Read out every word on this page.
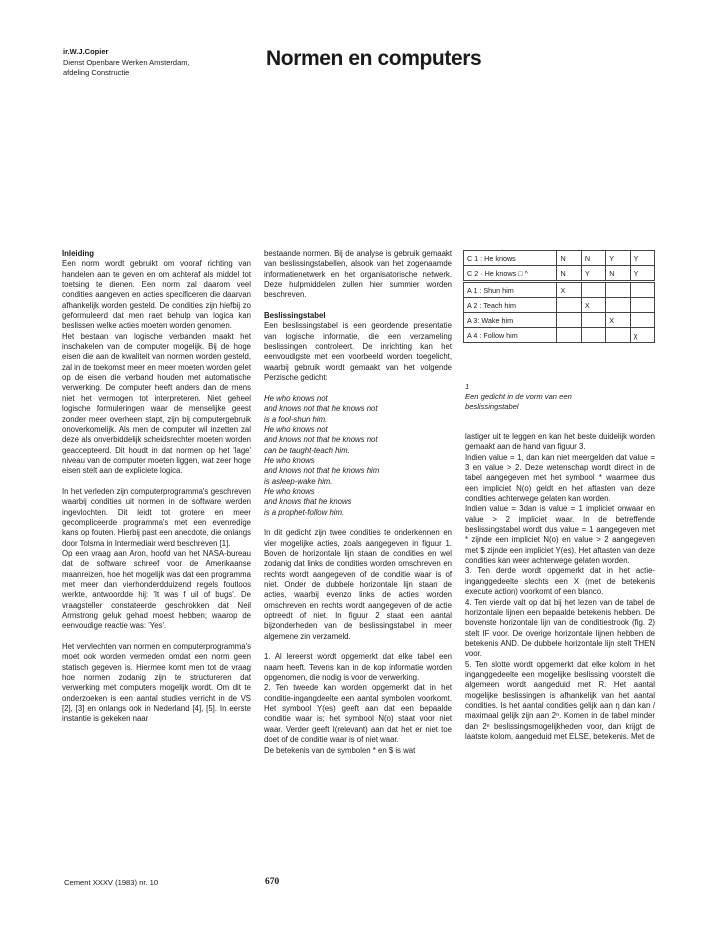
ir.W.J.Copier
Dienst Openbare Werken Amsterdam,
afdeling Constructie
Normen en computers
Inleiding

Een norm wordt gebruikt om vooraf richting van handelen aan te geven en om achteraf als middel tot toetsing te dienen. Een norm zal daarom veel condities aangeven en acties specificeren die daarvan afhankelijk worden gesteld. De condities zijn hiefbij zo geformuleerd dat men raet behulp van logica kan beslissen welke acties moeten worden genomen.

Het bestaan van logische verbanden maakt het inschakelen van de computer mogelijk. Bij de hoge eisen die aan de kwaliteit van normen worden gesteld, zal in de toekomst meer en meer moeten worden gelet op de eisen die verband houden met automatische verwerking. De computer heeft anders dan de mens niet het vermogen tot interpreteren. Niet geheel logische formuleringen waar de menselijke geest zonder meer overheen stapt, zijn bij computergebruik onoverkomelijk. Als men de computer wil inzetten zal deze als onverbiddelijk scheidsrechter moeten worden geaccepteerd. Dit houdt in dat normen op het 'lage' niveau van de computer moeten liggen, wat zeer hoge eisen stelt aan de expliciete logica.

In het verleden zijn computerprogramma's geschreven waarbij condities uit normen in de software werden ingevlochten. Dit leidt tot grotere en meer gecompliceerde programma's met een evenredige kans op fouten. Hierbij past een anecdote, die onlangs door Tolsma in Intermediair werd beschreven [1].

Op een vraag aan Aron, hoofd van het NASA-bureau dat de software schreef voor de Amerikaanse maanreizen, hoe het mogelijk was dat een programma met meer dan vierhonderdduizend regels foutloos werkte, antwoordde hij: 'It was f uil of bugs'. De vraagsteller constateerde geschrokken dat Neil Armstrong geluk gehad moest hebben; waarop de eenvoudige reactie was: 'Yes'.

Het vervlechten van normen en computerprogramma's moet ook worden vermeden omdat een norm geen statisch gegeven is. Hiermee komt men tot de vraag hoe normen zodanig zijn te structureren dat verwerking met computers mogelijk wordt. Om dit te onderzoeken is een aantal studies verricht in de VS [2], [3] en onlangs ook in Nederland [4], [5]. In eerste instantie is gekeken naar

bestaande normen. Bij de analyse is gebruik gemaakt van beslissingstabellen, alsook van het zogenaamde informatienetwerk en het organisatorische netwerk. Deze hulpmiddelen zullen hier summier worden beschreven.

Beslissingstabel

Een beslissingstabel is een geordende presentatie van logische informatie, die een verzameling beslissingen controleert. De inrichting kan het eenvoudigste met een voorbeeld worden toegelicht, waarbij gebruik wordt gemaakt van het volgende Perzische gedicht:

He who knows not
and knows not that he knows not
is a fool-shun him.
He who knows not
and knows not that he knows not
can be taught-teach him.
He who knows
and knows not that he knows him
is asleep-wake him.
He who knows
and knows that he knows
is a prophet-follow him.

In dit gedicht zijn twee condities te onderkennen en vier mogelijke acties, zoals aangegeven in figuur 1. Boven de horizontale lijn staan de condities en wel zodanig dat links de condities worden omschreven en rechts wordt aangegeven of de conditie waar is of niet. Onder de dubbele horizontale lijn staan de acties, waarbij evenzo links de acties worden omschreven en rechts wordt aangegeven of de actie optreedt of niet. In figuur 2 staat een aantal bijzonderheden van de beslissingstabel in meer algemene zin verzameld.

1. Al lereerst wordt opgemerkt dat elke tabel een naam heeft. Tevens kan in de kop informatie worden opgenomen, die nodig is voor de verwerking.

2. Ten tweede kan worden opgemerkt dat in het conditie-ingangdeelte een aantal symbolen voorkomt. Het symbool Y(es) geeft aan dat een bepaalde conditie waar is; het symbool N(o) staat voor niet waar. Verder geeft I(relevant) aan dat het er niet toe doet of de conditie waar is of niet waar.

De betekenis van de symbolen * en $ is wat

C 1 : He knows	N	N	Y	Y
C 2 · He knows □ ^	N	Y	N	Y
A 1 : Shun him	X			
A 2 : Teach him		X		
A 3: Wake him			X	
A 4 : Follow him				χ
1
Een gedicht in de vorm van een
beslissingstabel

lastiger uit te leggen en kan het beste duidelijk worden gemaakt aan de hand van figuur 3.

Indien value = 1, dan kan niet meergelden dat value = 3 en value > 2. Deze wetenschap wordt direct in de tabel aangegeven met het symbool * waarmee dus een impliciet N(o) geldt en het aftasten van deze condities achterwege gelaten kan worden.

Indien value = 3dan is value = 1 impliciet onwaar en value > 2 impliciet waar. In de betreffende beslissingstabel wordt dus value = 1 aangegeven met * zijnde een impliciet N(o) en value > 2 aangegeven met $ zijnde een impliciet Y(es). Het aftasten van deze condities kan weer achterwege gelaten worden.

3. Ten derde wordt opgemerkt dat in het actie-inganggedeelte slechts een X (met de betekenis execute action) voorkomt of een blanco.

4. Ten vierde valt op dat bij het lezen van de tabel de horizontale lijnen een bepaalde betekenis hebben. De bovenste horizontale lijn van de conditiestrook (fig. 2) stelt IF voor. De overige horizontale lijnen hebben de betekenis AND. De dubbele horizontale lijn stelt THEN voor.

5. Ten slotte wordt opgemerkt dat elke kolom in het inganggedeelte een mogelijke beslissing voorstelt die algemeen wordt aangeduid met R. Het aantal mogelijke beslissingen is afhankelijk van het aantal condities. Is het aantal condities gelijk aan η dan kan / maximaal gelijk zijn aan 2ⁿ. Komen in de tabel minder dan 2ⁿ beslissingsmogelijkheden voor, dan krijgt de laatste kolom, aangeduid met ELSE, betekenis. Met de

Cement XXXV (1983) nr. 10	670
